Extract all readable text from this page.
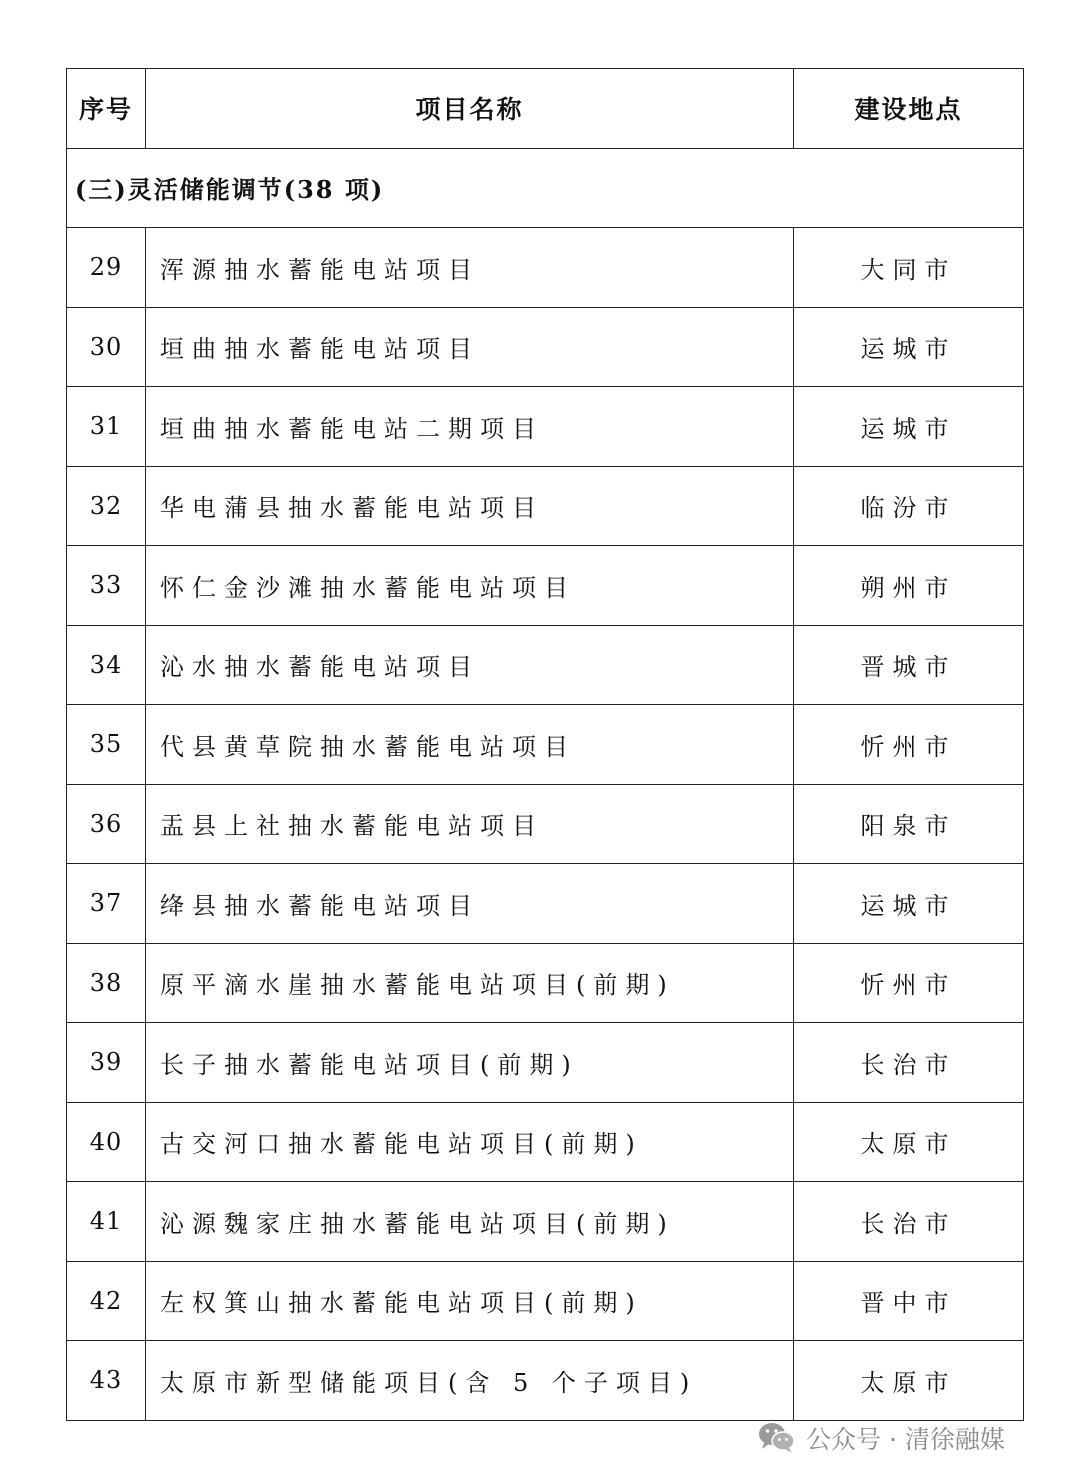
序号	项目名称	建设地点
(三)灵活储能调节(38 项)		
29	浑源抽水蓄能电站项目	大同市
30	垣曲抽水蓄能电站项目	运城市
31	垣曲抽水蓄能电站二期项目	运城市
32	华电蒲县抽水蓄能电站项目	临汾市
33	怀仁金沙滩抽水蓄能电站项目	朔州市
34	沁水抽水蓄能电站项目	晋城市
35	代县黄草院抽水蓄能电站项目	忻州市
36	盂县上社抽水蓄能电站项目	阳泉市
37	绛县抽水蓄能电站项目	运城市
38	原平滴水崖抽水蓄能电站项目(前期)	忻州市
39	长子抽水蓄能电站项目(前期)	长治市
40	古交河口抽水蓄能电站项目(前期)	太原市
41	沁源魏家庄抽水蓄能电站项目(前期)	长治市
42	左权箕山抽水蓄能电站项目(前期)	晋中市
43	太原市新型储能项目(含 5 个子项目)	太原市
公众号 · 清徐融媒
